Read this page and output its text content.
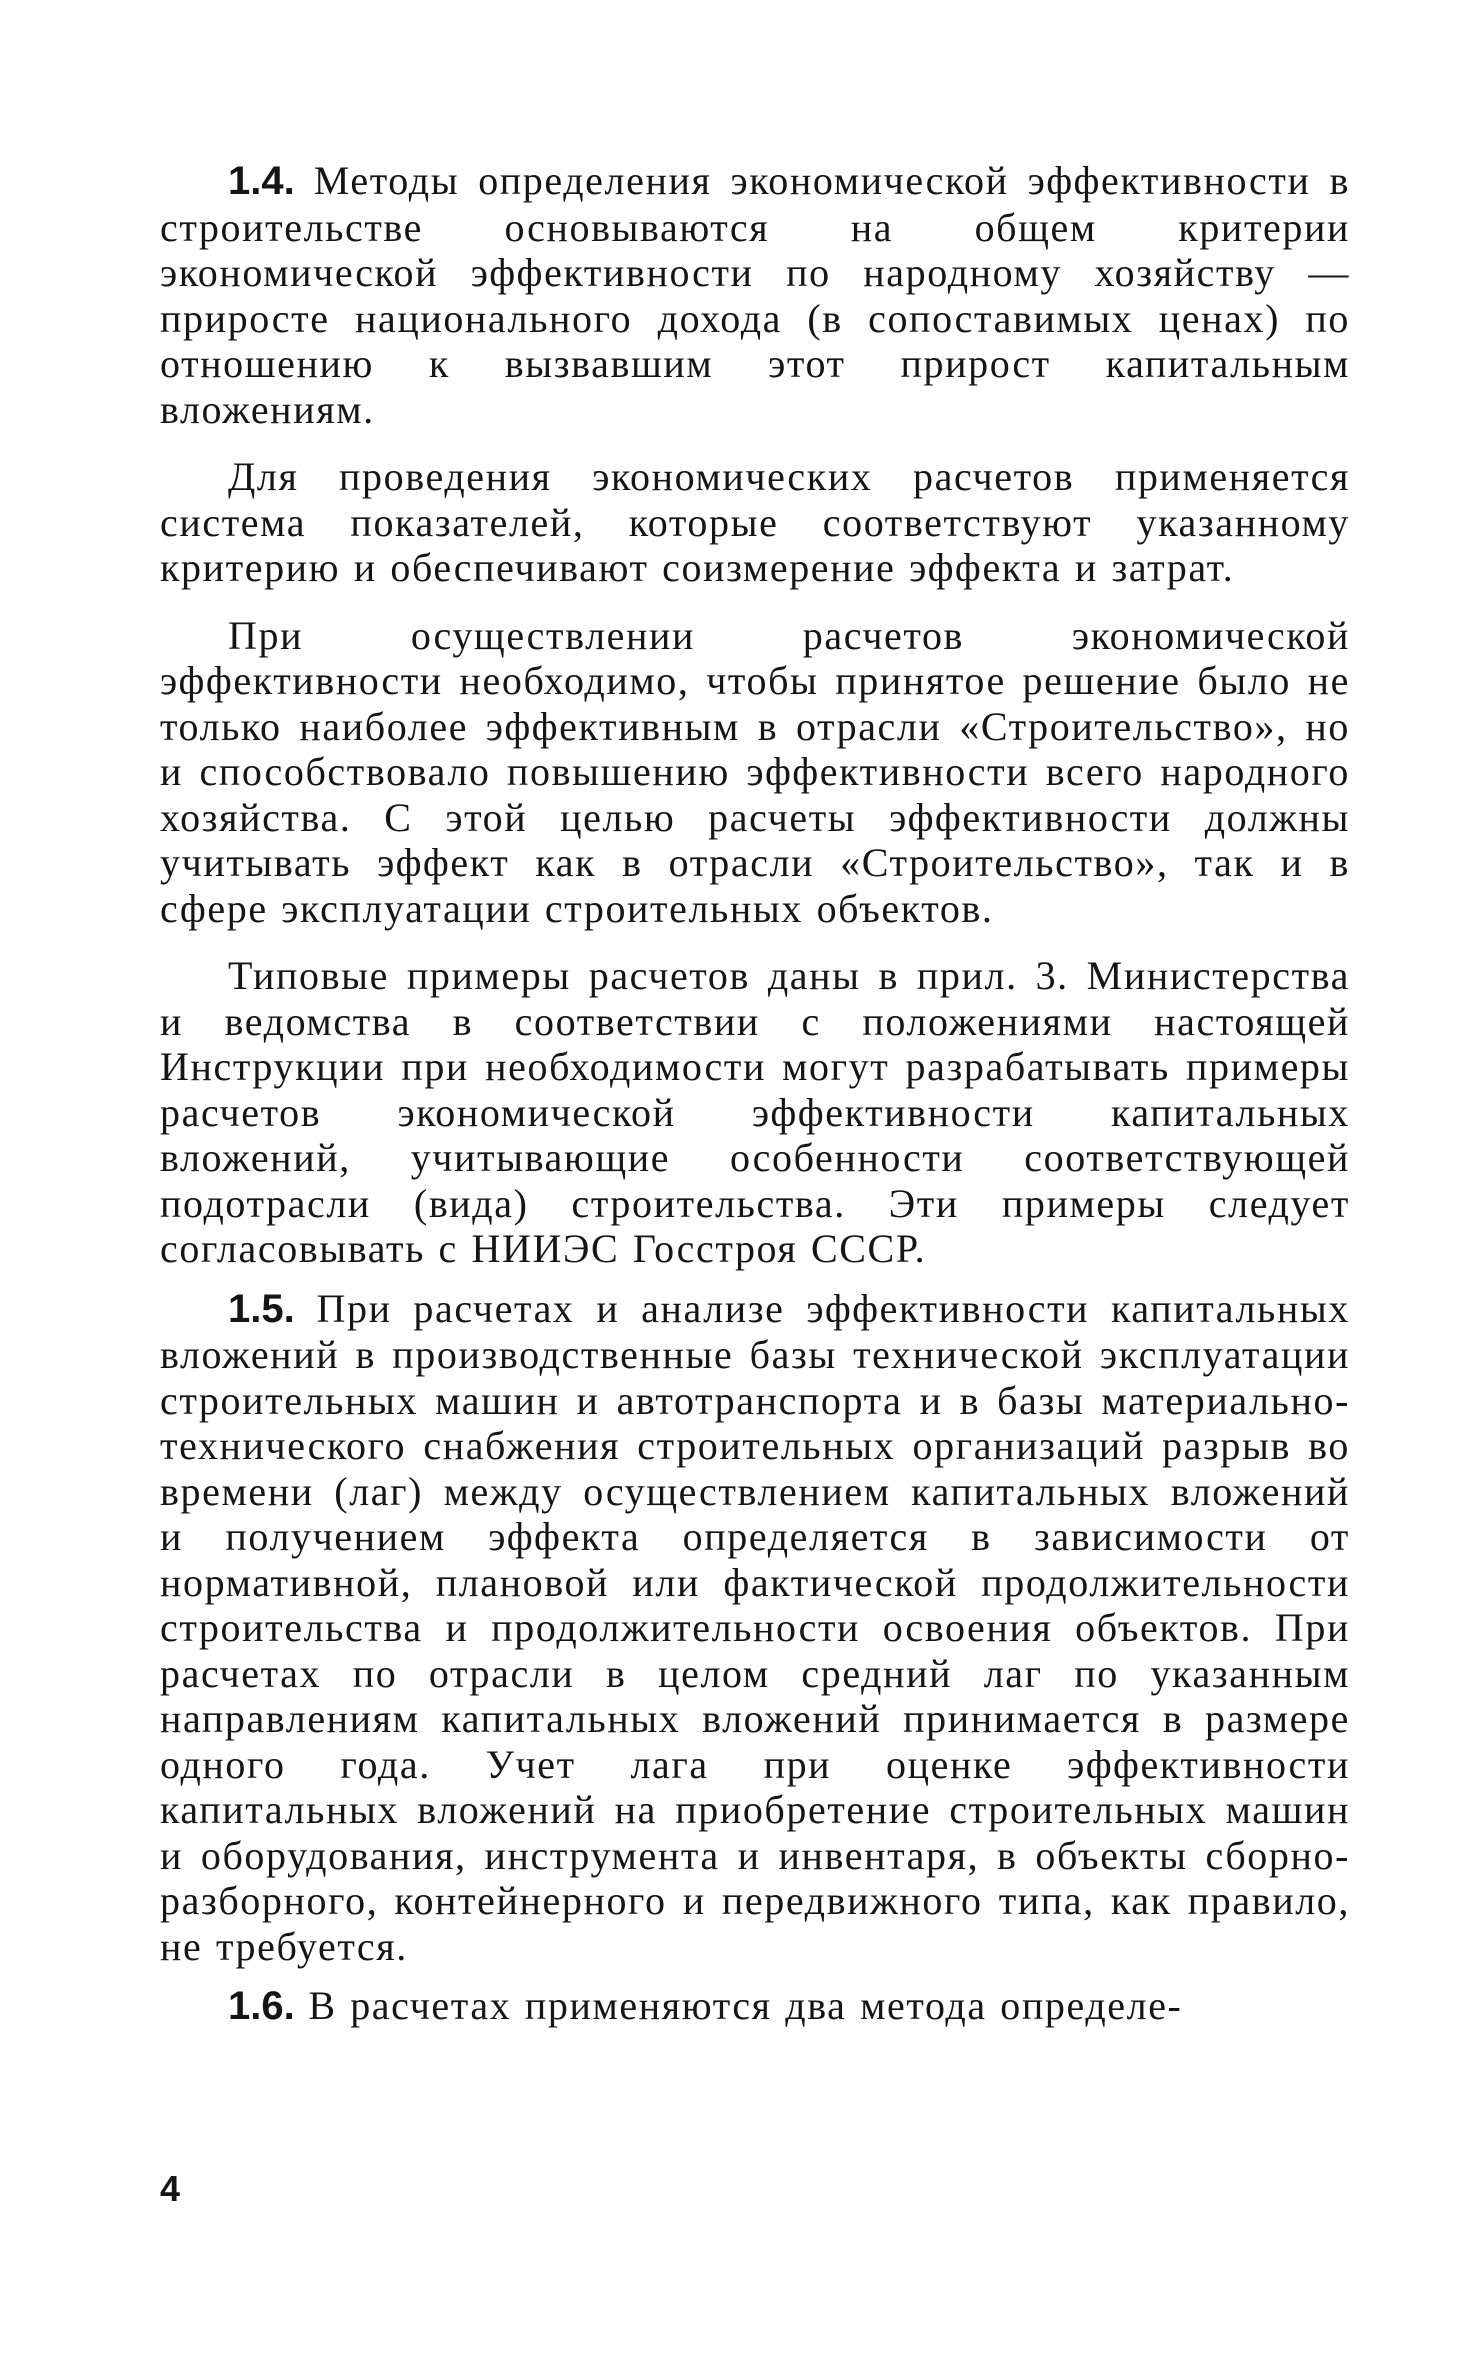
1.4. Методы определения экономической эффективности в строительстве основываются на общем критерии экономической эффективности по народному хозяйству — приросте национального дохода (в сопоставимых ценах) по отношению к вызвавшим этот прирост капитальным вложениям.

Для проведения экономических расчетов применяется система показателей, которые соответствуют указанному критерию и обеспечивают соизмерение эффекта и затрат.

При осуществлении расчетов экономической эффективности необходимо, чтобы принятое решение было не только наиболее эффективным в отрасли «Строительство», но и способствовало повышению эффективности всего народного хозяйства. С этой целью расчеты эффективности должны учитывать эффект как в отрасли «Строительство», так и в сфере эксплуатации строительных объектов.

Типовые примеры расчетов даны в прил. 3. Министерства и ведомства в соответствии с положениями настоящей Инструкции при необходимости могут разрабатывать примеры расчетов экономической эффективности капитальных вложений, учитывающие особенности соответствующей подотрасли (вида) строительства. Эти примеры следует согласовывать с НИИЭС Госстроя СССР.

1.5. При расчетах и анализе эффективности капитальных вложений в производственные базы технической эксплуатации строительных машин и автотранспорта и в базы материально-технического снабжения строительных организаций разрыв во времени (лаг) между осуществлением капитальных вложений и получением эффекта определяется в зависимости от нормативной, плановой или фактической продолжительности строительства и продолжительности освоения объектов. При расчетах по отрасли в целом средний лаг по указанным направлениям капитальных вложений принимается в размере одного года. Учет лага при оценке эффективности капитальных вложений на приобретение строительных машин и оборудования, инструмента и инвентаря, в объекты сборно-разборного, контейнерного и передвижного типа, как правило, не требуется.

1.6. В расчетах применяются два метода определе-

4
